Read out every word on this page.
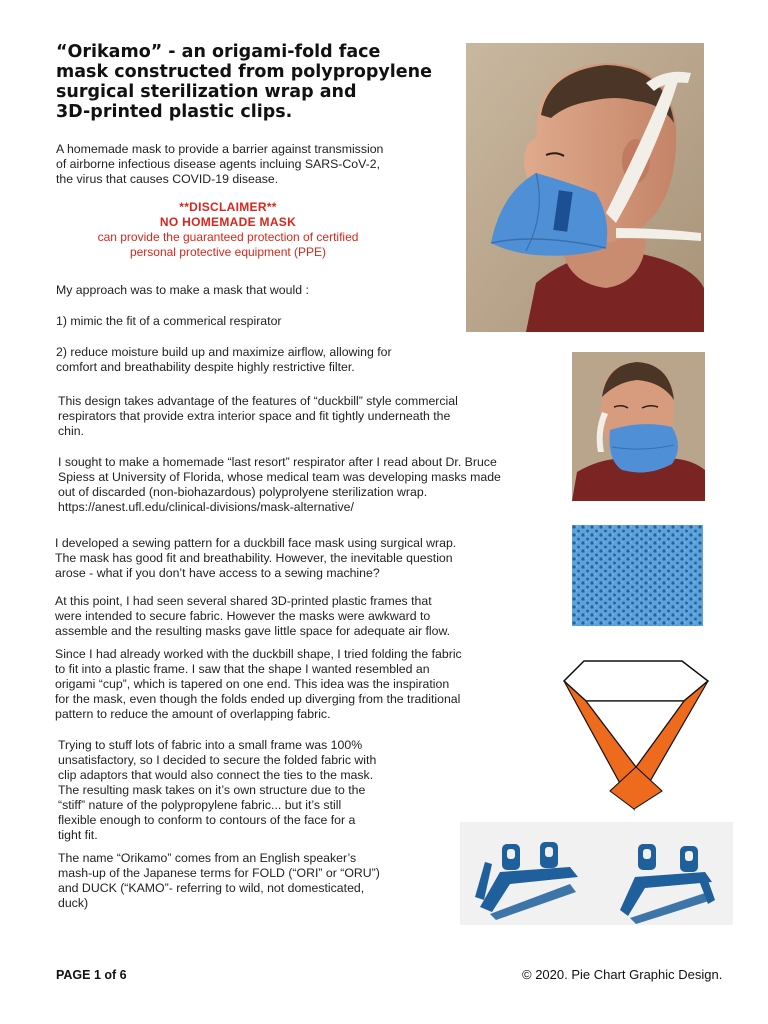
“Orikamo” - an origami-fold face
mask constructed from polypropylene
surgical sterilization wrap and
3D-printed plastic clips.
A homemade mask to provide a barrier against transmission
of airborne infectious disease agents incluing SARS-CoV-2,
the virus that causes COVID-19 disease.
**DISCLAIMER**
NO HOMEMADE MASK
can provide the guaranteed protection of certified
personal protective equipment (PPE)
My approach was to make a mask that would :
1) mimic the fit of a commerical respirator
2) reduce moisture build up and maximize airflow, allowing for
comfort and breathability despite highly restrictive filter.
This design takes advantage of the features of “duckbill” style commercial
respirators that provide extra interior space and fit tightly underneath the
chin.
I sought to make a homemade “last resort” respirator after I read about Dr. Bruce
Spiess at University of Florida, whose medical team was developing masks made
out of discarded (non-biohazardous) polyprolyene sterilization wrap.
https://anest.ufl.edu/clinical-divisions/mask-alternative/
I developed a sewing pattern for a duckbill face mask using surgical wrap.
The mask has good fit and breathability. However, the inevitable question
arose - what if you don’t have access to a sewing machine?
At this point, I had seen several shared 3D-printed plastic frames that
were intended to secure fabric. However the masks were awkward to
assemble and the resulting masks gave little space for adequate air flow.
Since I had already worked with the duckbill shape, I tried folding the fabric
to fit into a plastic frame. I saw that the shape I wanted resembled an
origami “cup”, which is tapered on one end. This idea was the inspiration
for the mask, even though the folds ended up diverging from the traditional
pattern to reduce the amount of overlapping fabric.
Trying to stuff lots of fabric into a small frame was 100%
unsatisfactory, so I decided to secure the folded fabric with
clip adaptors that would also connect the ties to the mask.
The resulting mask takes on it’s own structure due to the
“stiff” nature of the polypropylene fabric... but it’s still
flexible enough to conform to contours of the face for a
tight fit.
The name “Orikamo” comes from an English speaker’s
mash-up of the Japanese terms for FOLD (“ORI” or “ORU”)
and DUCK (“KAMO”- referring to wild, not domesticated,
duck)
PAGE 1 of 6	© 2020. Pie Chart Graphic Design.
